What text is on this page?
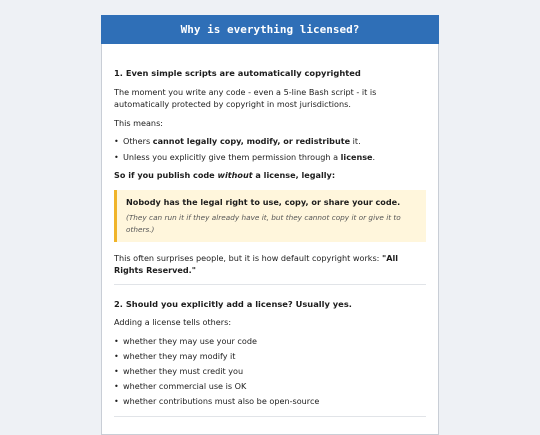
Why is everything licensed?
1. Even simple scripts are automatically copyrighted

The moment you write any code - even a 5-line Bash script - it is automatically protected by copyright in most jurisdictions.

This means:

• Others cannot legally copy, modify, or redistribute it.
• Unless you explicitly give them permission through a license.

So if you publish code without a license, legally:

Nobody has the legal right to use, copy, or share your code.
(They can run it if they already have it, but they cannot copy it or give it to others.)

This often surprises people, but it is how default copyright works: "All Rights Reserved."

2. Should you explicitly add a license? Usually yes.

Adding a license tells others:

• whether they may use your code
• whether they may modify it
• whether they must credit you
• whether commercial use is OK
• whether contributions must also be open-source
